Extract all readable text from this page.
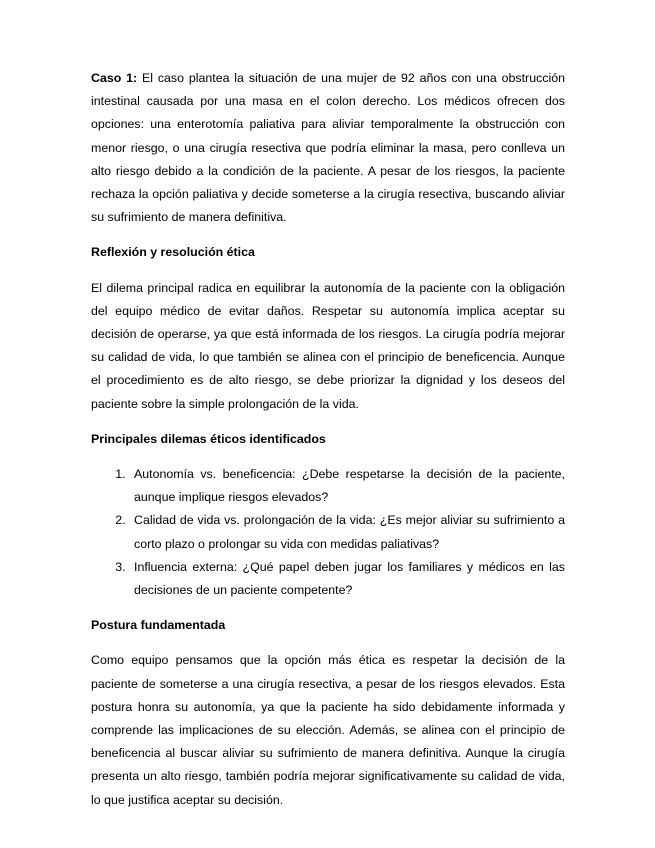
Caso 1: El caso plantea la situación de una mujer de 92 años con una obstrucción intestinal causada por una masa en el colon derecho. Los médicos ofrecen dos opciones: una enterotomía paliativa para aliviar temporalmente la obstrucción con menor riesgo, o una cirugía resectiva que podría eliminar la masa, pero conlleva un alto riesgo debido a la condición de la paciente. A pesar de los riesgos, la paciente rechaza la opción paliativa y decide someterse a la cirugía resectiva, buscando aliviar su sufrimiento de manera definitiva.

Reflexión y resolución ética

El dilema principal radica en equilibrar la autonomía de la paciente con la obligación del equipo médico de evitar daños. Respetar su autonomía implica aceptar su decisión de operarse, ya que está informada de los riesgos. La cirugía podría mejorar su calidad de vida, lo que también se alinea con el principio de beneficencia. Aunque el procedimiento es de alto riesgo, se debe priorizar la dignidad y los deseos del paciente sobre la simple prolongación de la vida.

Principales dilemas éticos identificados

1. Autonomía vs. beneficencia: ¿Debe respetarse la decisión de la paciente, aunque implique riesgos elevados?
2. Calidad de vida vs. prolongación de la vida: ¿Es mejor aliviar su sufrimiento a corto plazo o prolongar su vida con medidas paliativas?
3. Influencia externa: ¿Qué papel deben jugar los familiares y médicos en las decisiones de un paciente competente?

Postura fundamentada

Como equipo pensamos que la opción más ética es respetar la decisión de la paciente de someterse a una cirugía resectiva, a pesar de los riesgos elevados. Esta postura honra su autonomía, ya que la paciente ha sido debidamente informada y comprende las implicaciones de su elección. Además, se alinea con el principio de beneficencia al buscar aliviar su sufrimiento de manera definitiva. Aunque la cirugía presenta un alto riesgo, también podría mejorar significativamente su calidad de vida, lo que justifica aceptar su decisión.
